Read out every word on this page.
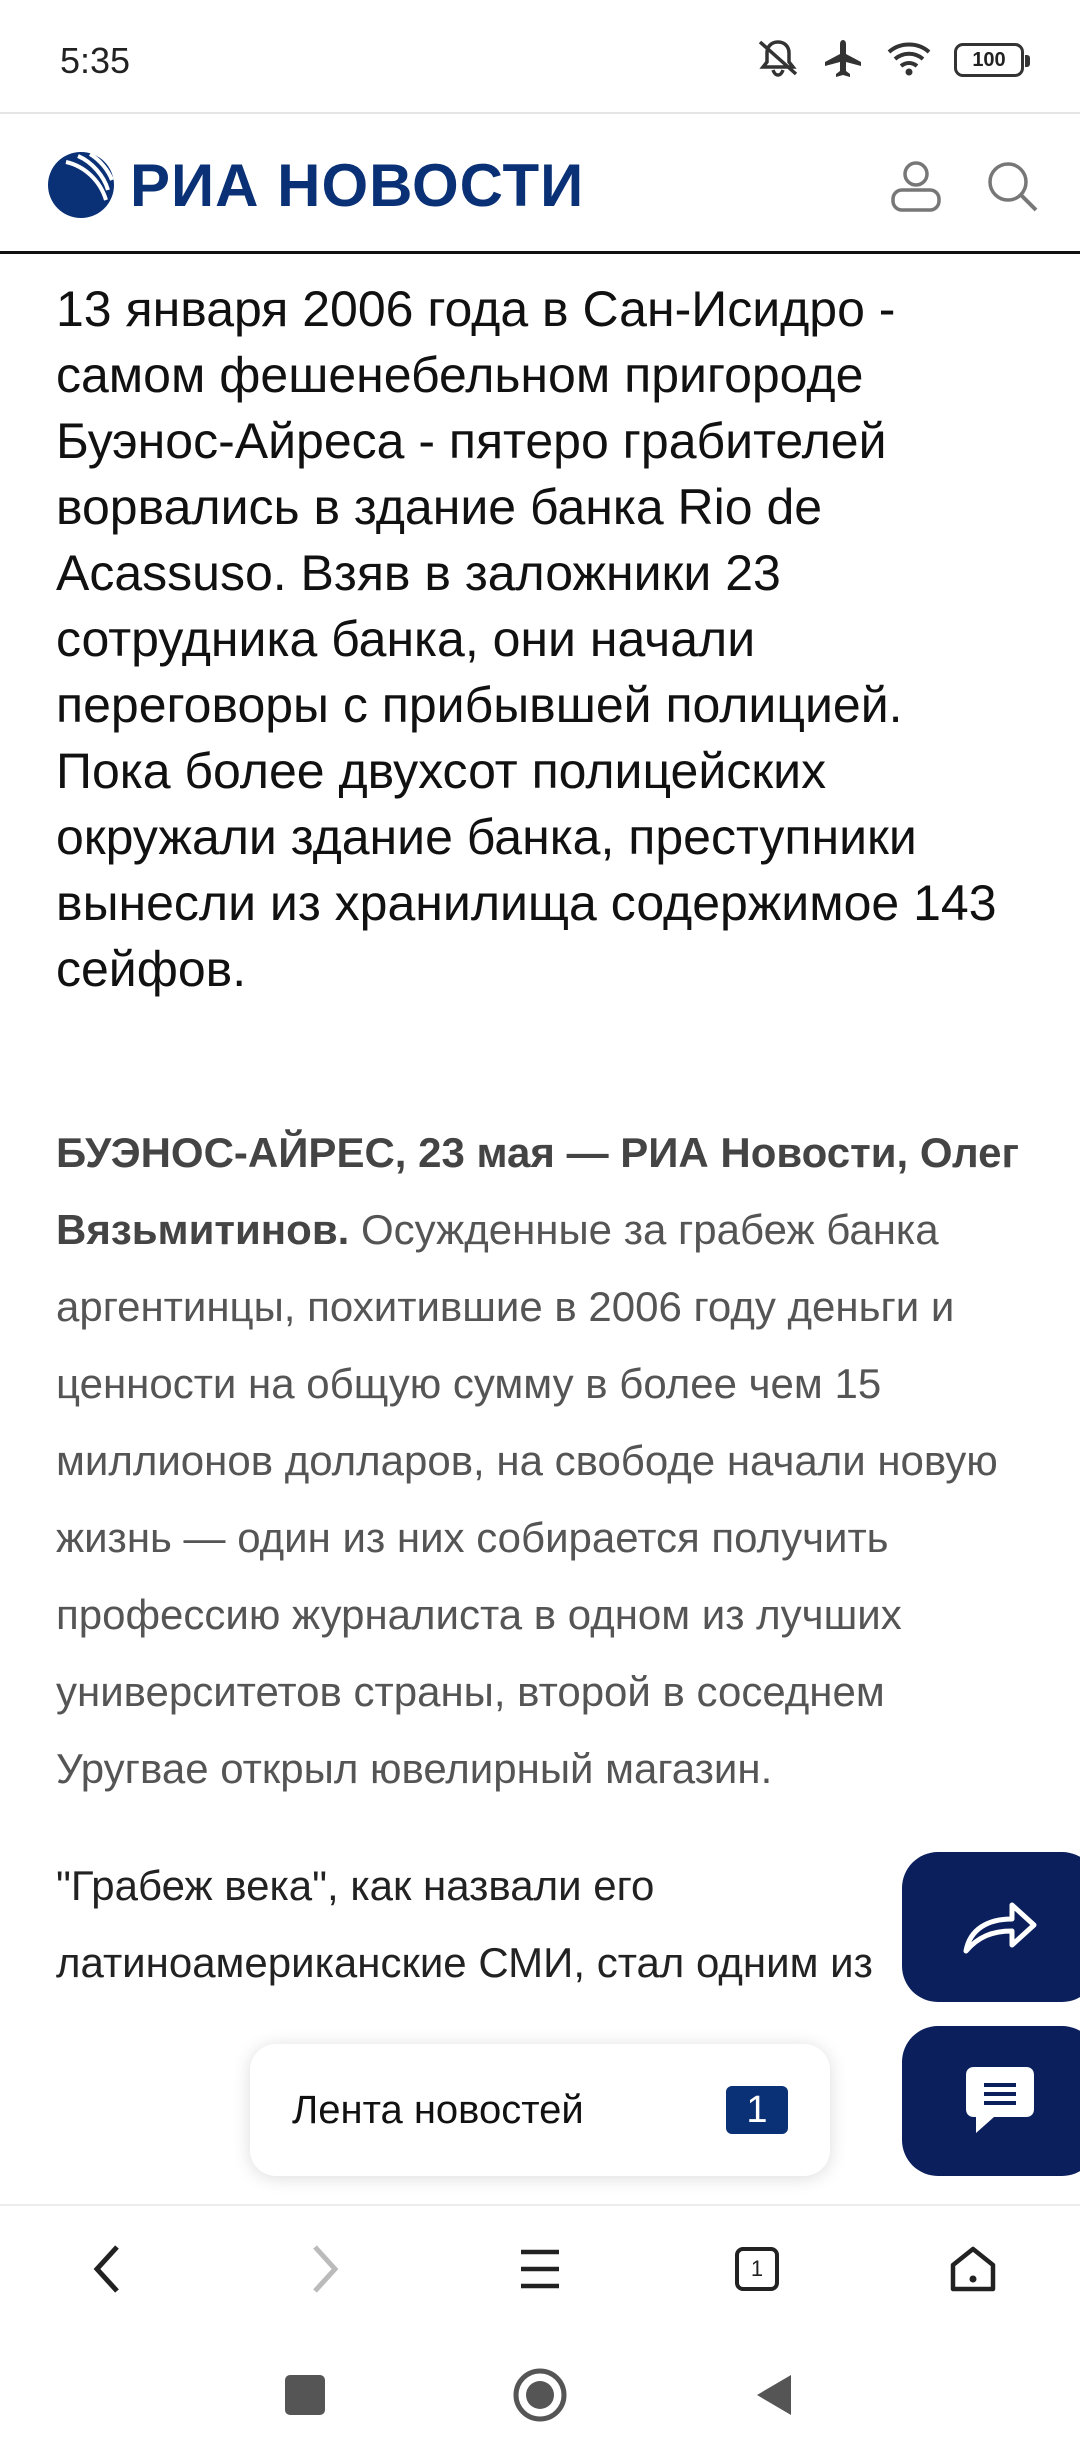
5:35	100
РИА НОВОСТИ

13 января 2006 года в Сан-Исидро - самом фешенебельном пригороде Буэнос-Айреса - пятеро грабителей ворвались в здание банка Rio de Acassuso. Взяв в заложники 23 сотрудника банка, они начали переговоры с прибывшей полицией. Пока более двухсот полицейских окружали здание банка, преступники вынесли из хранилища содержимое 143 сейфов.

БУЭНОС-АЙРЕС, 23 мая — РИА Новости, Олег Вязьмитинов. Осужденные за грабеж банка аргентинцы, похитившие в 2006 году деньги и ценности на общую сумму в более чем 15 миллионов долларов, на свободе начали новую жизнь — один из них собирается получить профессию журналиста в одном из лучших университетов страны, второй в соседнем Уругвае открыл ювелирный магазин.
"Грабеж века", как назвали его латиноамериканские СМИ, стал одним из
Лента новостей	1
1
